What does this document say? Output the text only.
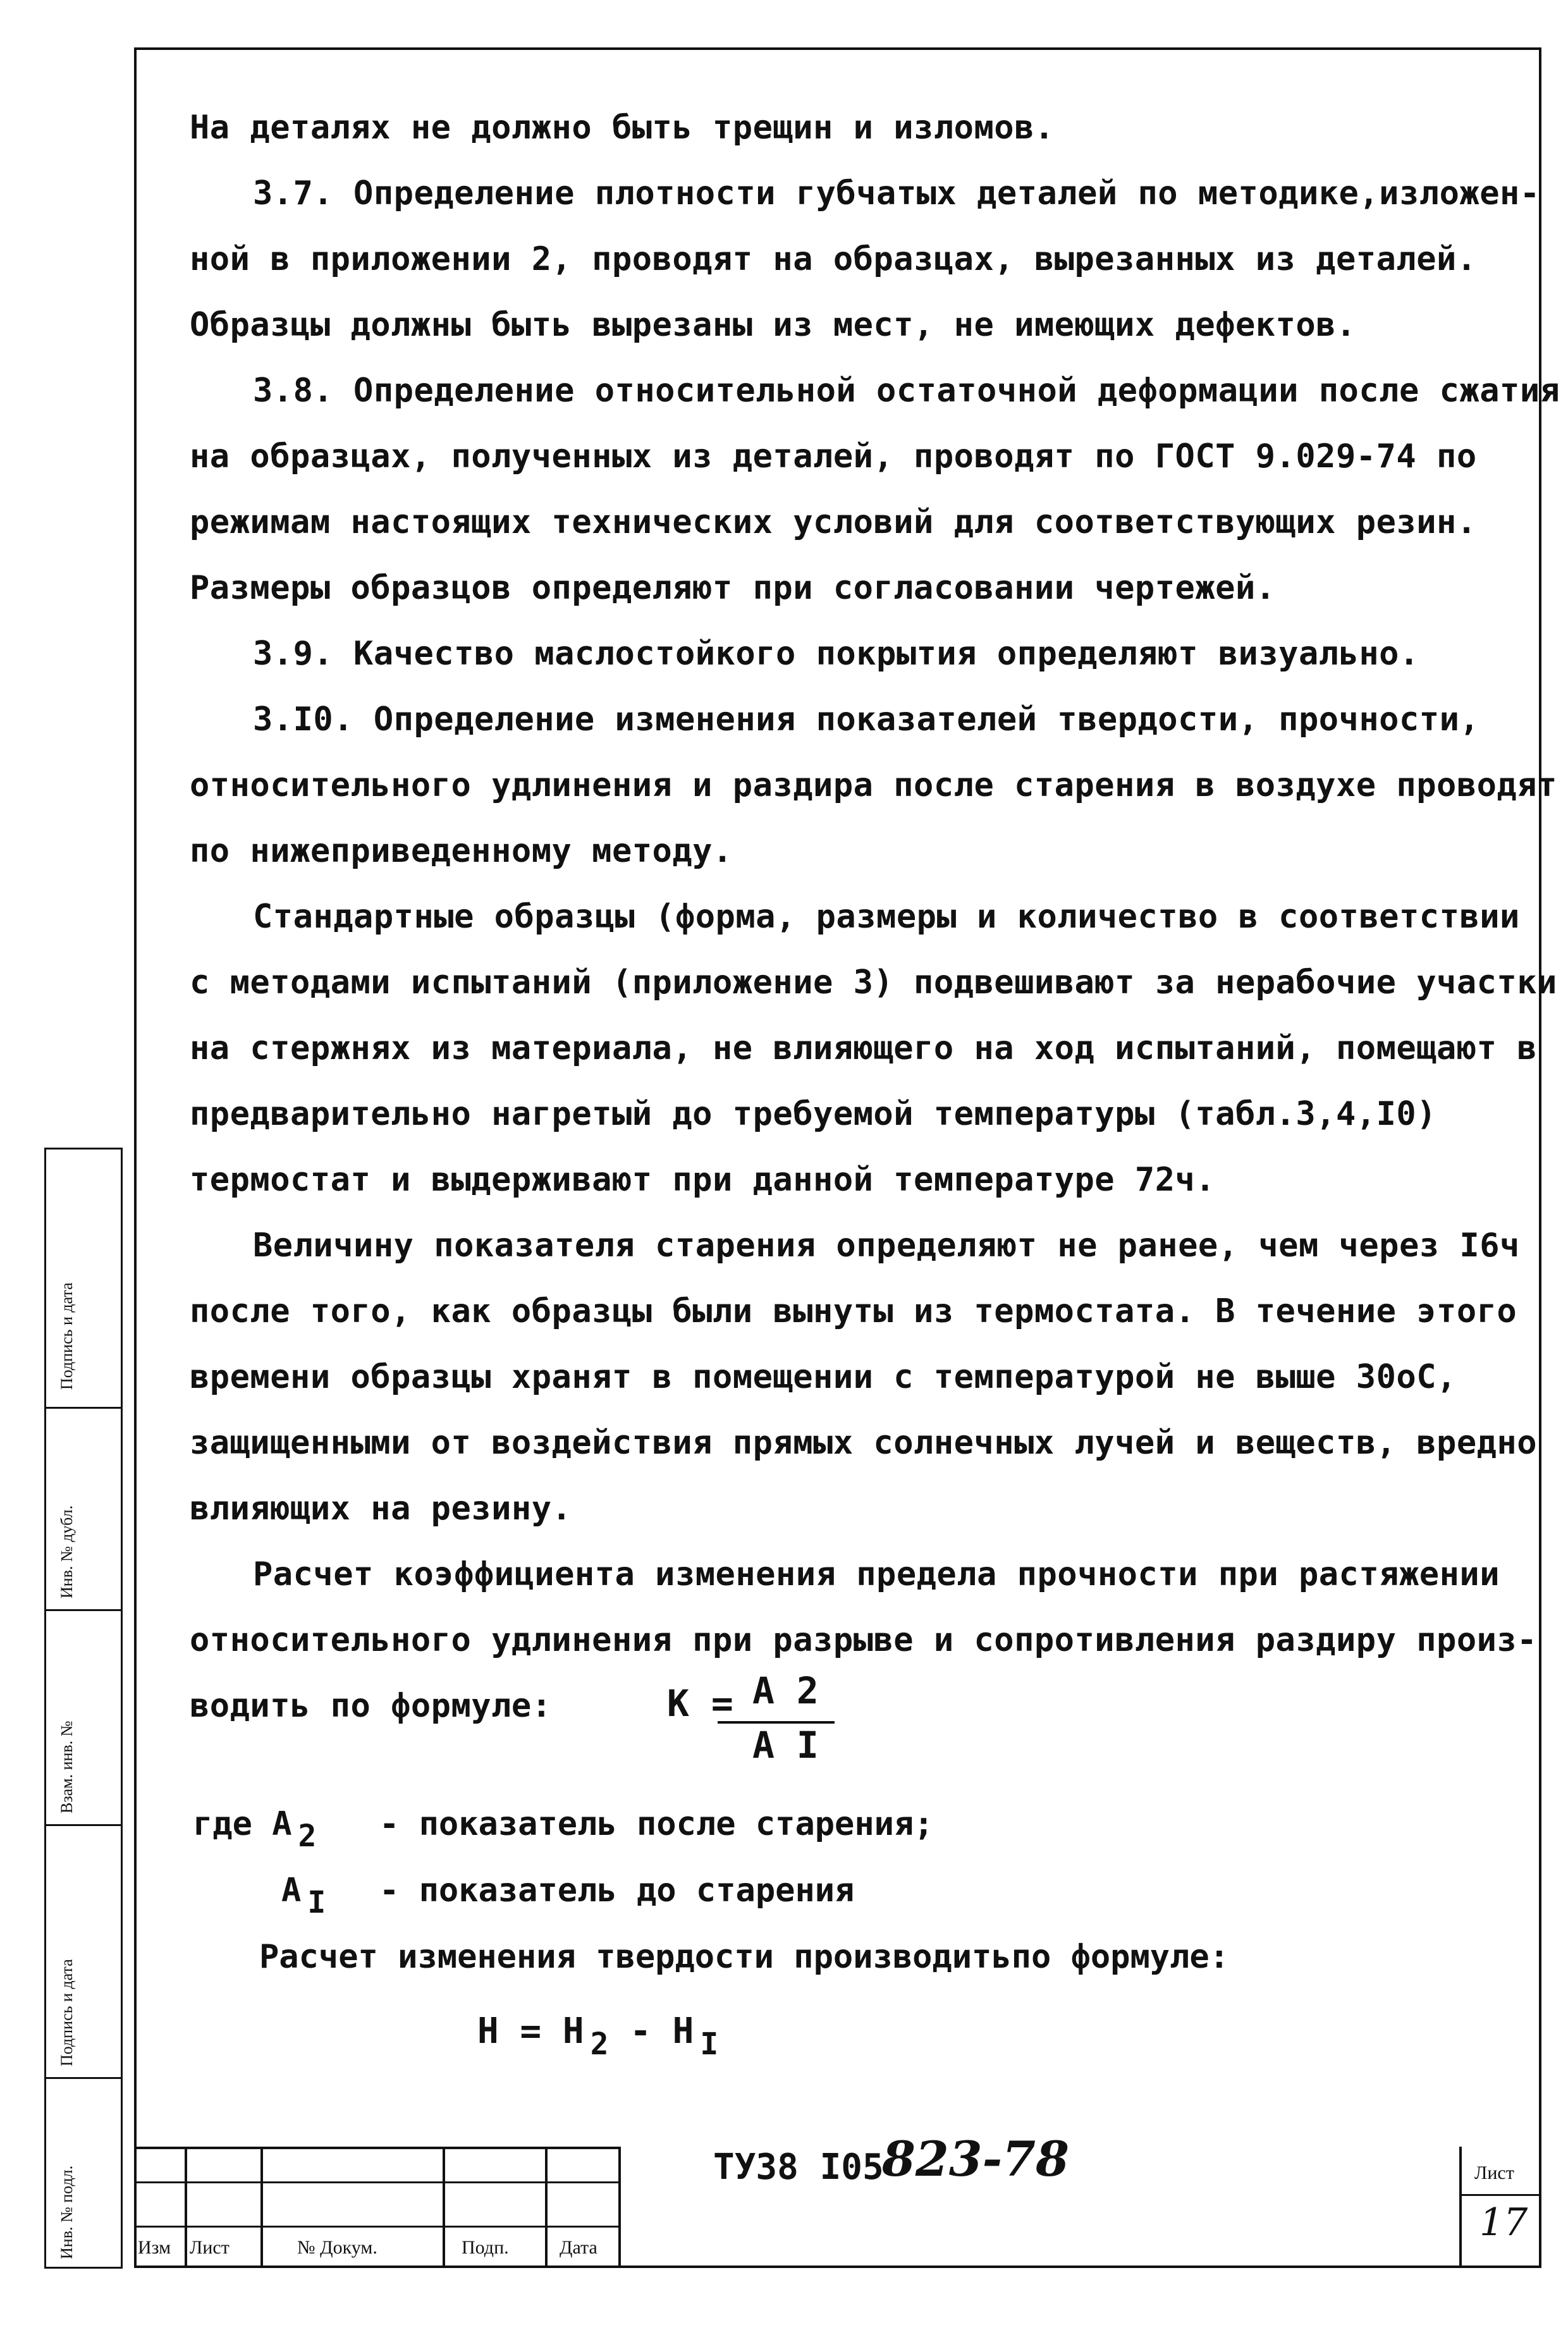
На деталях не должно быть трещин и изломов.

3.7. Определение плотности губчатых деталей по методике,изложен-

ной в приложении 2, проводят на образцах, вырезанных из деталей.

Образцы должны быть вырезаны из мест, не имеющих дефектов.

3.8. Определение относительной остаточной деформации после сжатия

на образцах, полученных из деталей, проводят по ГОСТ 9.029-74 по

режимам настоящих технических условий для соответствующих резин.

Размеры образцов определяют при согласовании чертежей.

3.9. Качество маслостойкого покрытия определяют визуально.

3.I0. Определение изменения показателей твердости, прочности,

относительного удлинения и раздира после старения в воздухе проводят

по нижеприведенному методу.

Стандартные образцы (форма, размеры и количество в соответствии

с методами испытаний (приложение 3) подвешивают за нерабочие участки

на стержнях из материала, не влияющего на ход испытаний, помещают в

предварительно нагретый до требуемой температуры (табл.3,4,I0)

термостат и выдерживают при данной температуре 72ч.

Величину показателя старения определяют не ранее, чем через I6ч

после того, как образцы были вынуты из термостата. В течение этого

времени образцы хранят в помещении с температурой не выше 30оС,

защищенными от воздействия прямых солнечных лучей и веществ, вредно

влияющих на резину.

Расчет коэффициента изменения предела прочности при растяжении

относительного удлинения при разрыве и сопротивления раздиру произ-

водить по формуле:	К = А 2
А I
где А 2 - показатель после старения;
А I - показатель до старения
Расчет изменения твердости производитьпо формуле:
Н = Н 2 - Н I
Подпись и дата
Инв. № дубл.
Взам. инв. №
Подпись и дата
Инв. № подл.	Изм Лист	№ Докум.	Подп.	Дата
ТУ38 I05
823-78	Лист
17
